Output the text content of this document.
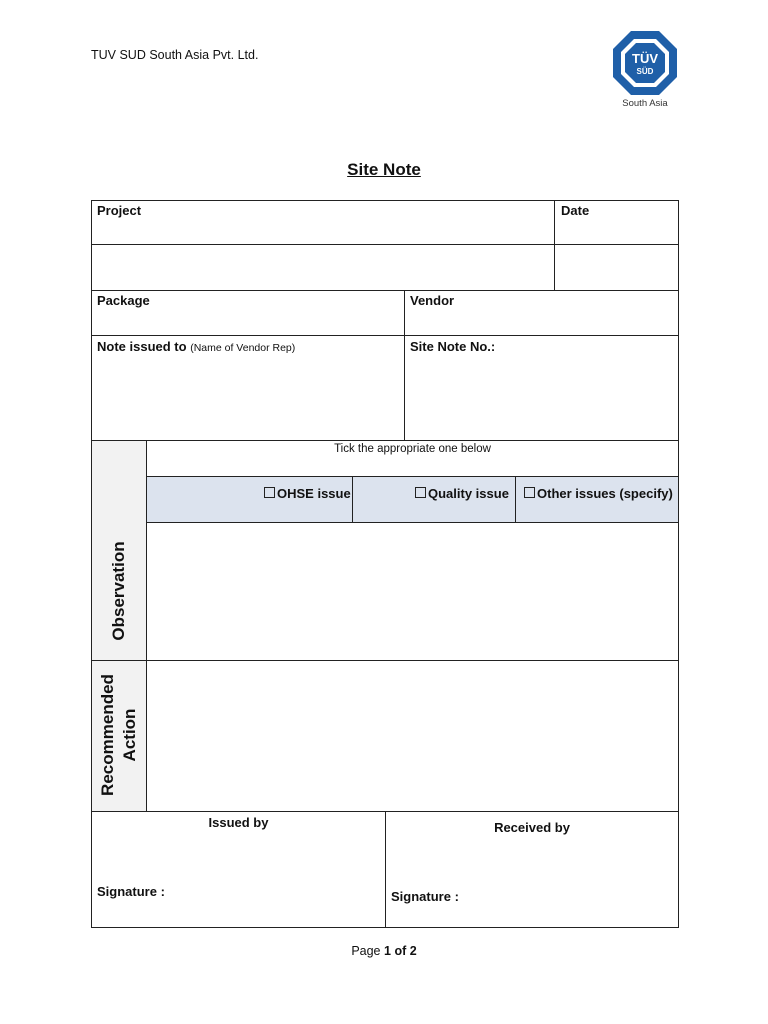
TUV SUD South Asia Pvt. Ltd.	TÜV
SÜD
South Asia
Site Note
Project	Date
Package	Vendor
Note issued to (Name of Vendor Rep)	Site Note No.:
Tick the appropriate one below
OHSE issue	Quality issue	Other issues (specify)
Observation
Recommended Action
Issued by
Signature :
Received by
Signature :
Page 1 of 2
